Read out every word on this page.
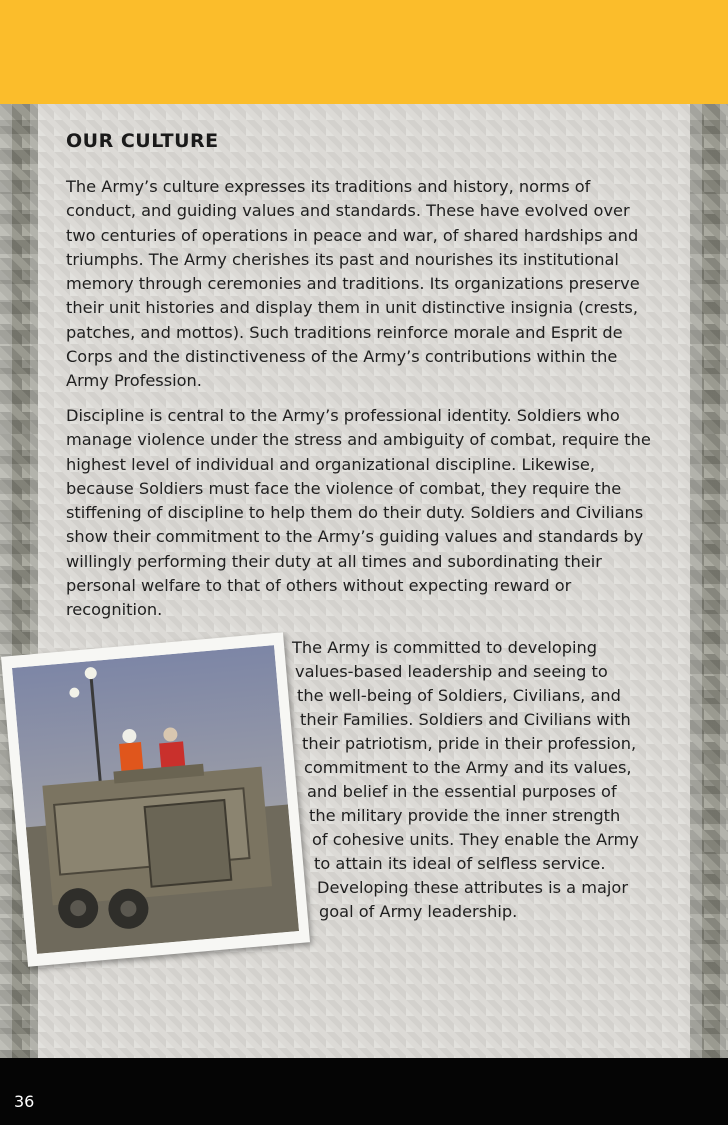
OUR CULTURE

The Army’s culture expresses its traditions and history, norms of conduct, and guiding values and standards. These have evolved over two centuries of operations in peace and war, of shared hardships and triumphs. The Army cherishes its past and nourishes its institutional memory through ceremonies and traditions. Its organizations preserve their unit histories and display them in unit distinctive insignia (crests, patches, and mottos). Such traditions reinforce morale and Esprit de Corps and the distinctiveness of the Army’s contributions within the Army Profession.

Discipline is central to the Army’s professional identity. Soldiers who manage violence under the stress and ambiguity of combat, require the highest level of individual and organizational discipline. Likewise, because Soldiers must face the violence of combat, they require the stiffening of discipline to help them do their duty. Soldiers and Civilians show their commitment to the Army’s guiding values and standards by willingly performing their duty at all times and subordinating their personal welfare to that of others without expecting reward or recognition.

The Army is committed to developing
values-based leadership and seeing to
the well-being of Soldiers, Civilians, and
their Families. Soldiers and Civilians with
their patriotism, pride in their profession,
commitment to the Army and its values,
and belief in the essential purposes of
the military provide the inner strength
of cohesive units. They enable the Army
to attain its ideal of selfless service.
Developing these attributes is a major
goal of Army leadership.
36
